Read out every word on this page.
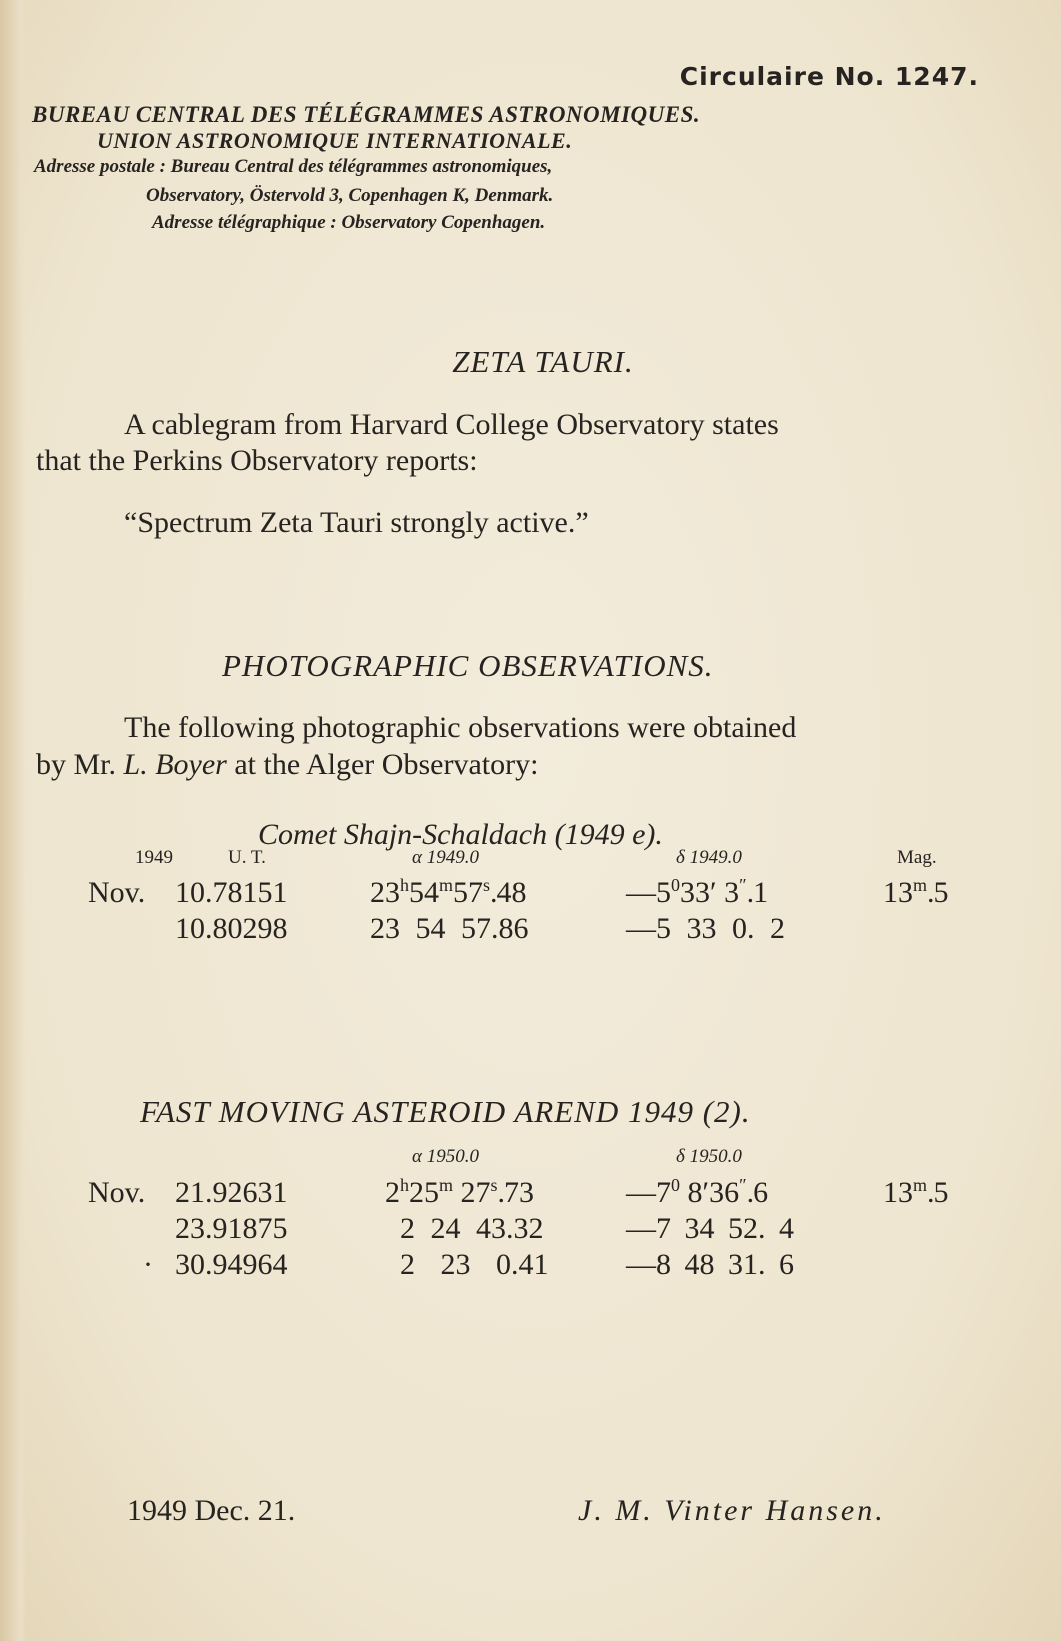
Circulaire No. 1247.
BUREAU CENTRAL DES TÉLÉGRAMMES ASTRONOMIQUES.
UNION ASTRONOMIQUE INTERNATIONALE.
Adresse postale : Bureau Central des télégrammes astronomiques,
Observatory, Östervold 3, Copenhagen K, Denmark.
Adresse télégraphique : Observatory Copenhagen.
ZETA TAURI.
A cablegram from Harvard College Observatory states
that the Perkins Observatory reports:
“Spectrum Zeta Tauri strongly active.”
PHOTOGRAPHIC OBSERVATIONS.
The following photographic observations were obtained
by Mr. L. Boyer at the Alger Observatory:
Comet Shajn-Schaldach (1949 e).
1949	U. T.	α 1949.0	δ 1949.0	Mag.
Nov. 10.78151	23$^h$54$^m$57$^s$.48	$—5^033'$ 3″.1	13$^m$.5
10.80298	23 54 57.86	—5 33 0. 2
FAST MOVING ASTEROID AREND 1949 (2).
α 1950.0	δ 1950.0
Nov. 21.92631	2$^h$25$^m$ 27$^s$.73	$—7^0$ 8′36″.6	13$^m$.5
23.91875	2 24 43.32	—7 34 52. 4
· 30.94964	2 23 0.41	—8 48 31. 6
1949 Dec. 21.	J. M. Vinter Hansen.
